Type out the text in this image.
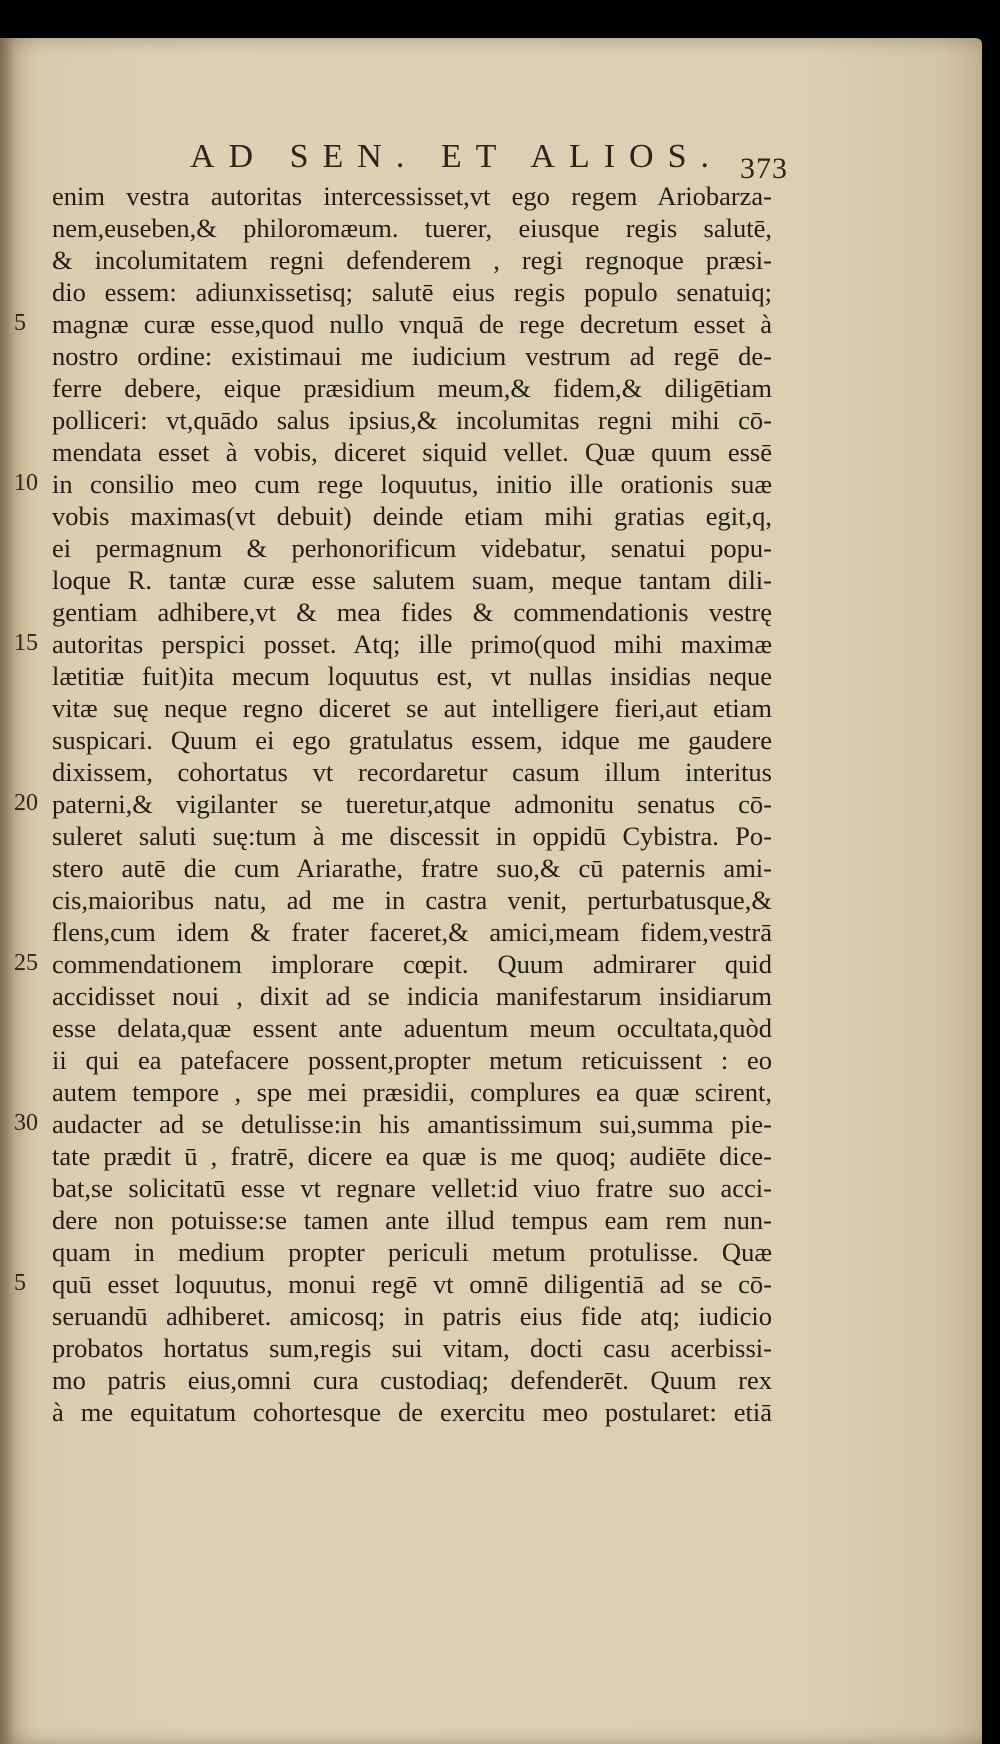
AD SEN. ET ALIOS. 373
enim vestra autoritas intercessisset,vt ego regem Ariobarza-
nem,euseben,& philoromæum. tuerer, eiusque regis salutē,
& incolumitatem regni defenderem , regi regnoque præsi-
dio essem: adiunxissetisq; salutē eius regis populo senatuiq;
magnæ curæ esse,quod nullo vnquā de rege decretum esset à
nostro ordine: existimaui me iudicium vestrum ad regē de-
ferre debere, eique præsidium meum,& fidem,& diligētiam
polliceri: vt,quādo salus ipsius,& incolumitas regni mihi cō-
mendata esset à vobis, diceret siquid vellet. Quæ quum essē
in consilio meo cum rege loquutus, initio ille orationis suæ
vobis maximas(vt debuit) deinde etiam mihi gratias egit,q,
ei permagnum & perhonorificum videbatur, senatui popu-
loque R. tantæ curæ esse salutem suam, meque tantam dili-
gentiam adhibere,vt & mea fides & commendationis vestrę
autoritas perspici posset. Atq; ille primo(quod mihi maximæ
lætitiæ fuit)ita mecum loquutus est, vt nullas insidias neque
vitæ suę neque regno diceret se aut intelligere fieri,aut etiam
suspicari. Quum ei ego gratulatus essem, idque me gaudere
dixissem, cohortatus vt recordaretur casum illum interitus
paterni,& vigilanter se tueretur,atque admonitu senatus cō-
suleret saluti suę:tum à me discessit in oppidū Cybistra. Po-
stero autē die cum Ariarathe, fratre suo,& cū paternis ami-
cis,maioribus natu, ad me in castra venit, perturbatusque,&
flens,cum idem & frater faceret,& amici,meam fidem,vestrā
commendationem implorare cœpit. Quum admirarer quid
accidisset noui , dixit ad se indicia manifestarum insidiarum
esse delata,quæ essent ante aduentum meum occultata,quòd
ii qui ea patefacere possent,propter metum reticuissent : eo
autem tempore , spe mei præsidii, complures ea quæ scirent,
audacter ad se detulisse:in his amantissimum sui,summa pie-
tate prædit ū , fratrē, dicere ea quæ is me quoq; audiēte dice-
bat,se solicitatū esse vt regnare vellet:id viuo fratre suo acci-
dere non potuisse:se tamen ante illud tempus eam rem nun-
quam in medium propter periculi metum protulisse. Quæ
quū esset loquutus, monui regē vt omnē diligentiā ad se cō-
seruandū adhiberet. amicosq; in patris eius fide atq; iudicio
probatos hortatus sum,regis sui vitam, docti casu acerbissi-
mo patris eius,omni cura custodiaq; defenderēt. Quum rex
à me equitatum cohortesque de exercitu meo postularet: etiā
5
10
15
20
25
30
5
